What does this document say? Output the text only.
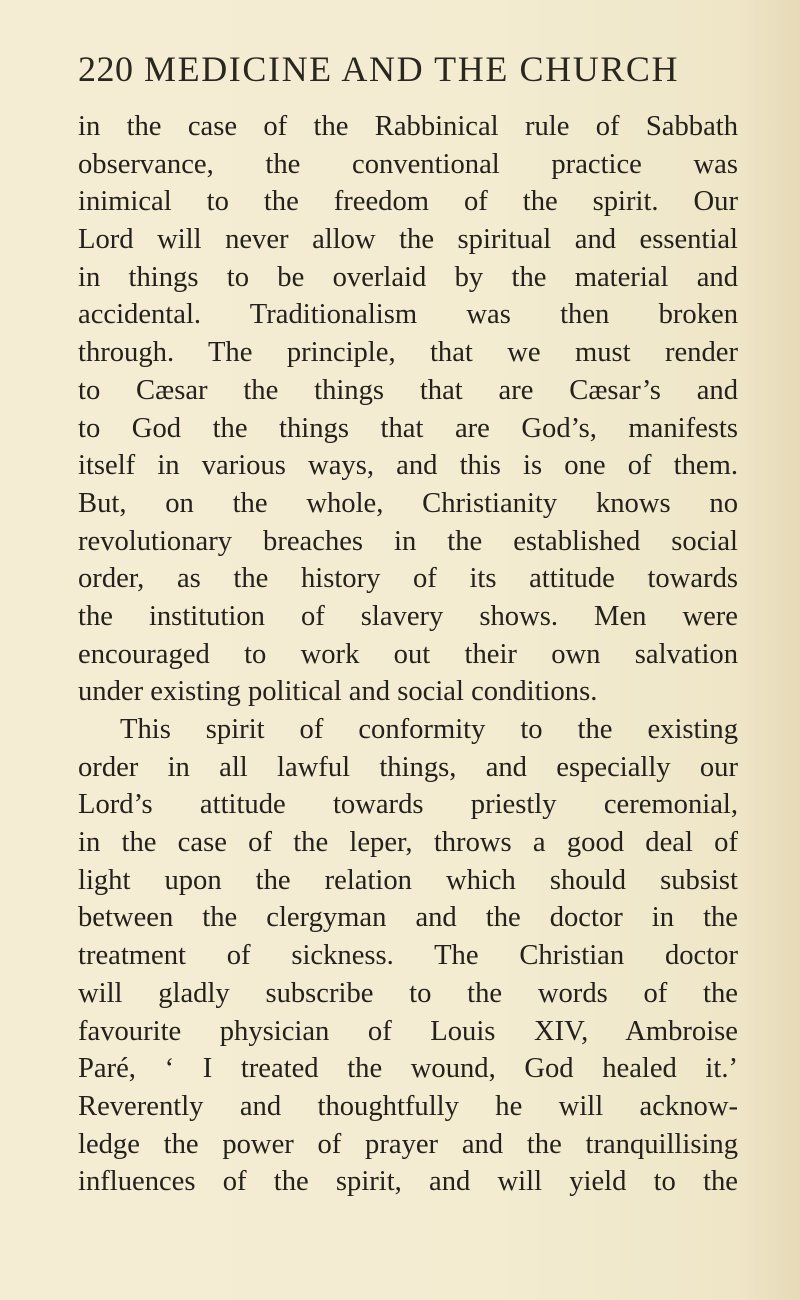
220 MEDICINE AND THE CHURCH
in the case of the Rabbinical rule of Sabbath
observance, the conventional practice was
inimical to the freedom of the spirit. Our
Lord will never allow the spiritual and essential
in things to be overlaid by the material and
accidental. Traditionalism was then broken
through. The principle, that we must render
to Cæsar the things that are Cæsar’s and
to God the things that are God’s, manifests
itself in various ways, and this is one of them.
But, on the whole, Christianity knows no
revolutionary breaches in the established social
order, as the history of its attitude towards
the institution of slavery shows. Men were
encouraged to work out their own salvation
under existing political and social conditions.
This spirit of conformity to the existing
order in all lawful things, and especially our
Lord’s attitude towards priestly ceremonial,
in the case of the leper, throws a good deal of
light upon the relation which should subsist
between the clergyman and the doctor in the
treatment of sickness. The Christian doctor
will gladly subscribe to the words of the
favourite physician of Louis XIV, Ambroise
Paré, ‘ I treated the wound, God healed it.’
Reverently and thoughtfully he will acknow-
ledge the power of prayer and the tranquillising
influences of the spirit, and will yield to the
